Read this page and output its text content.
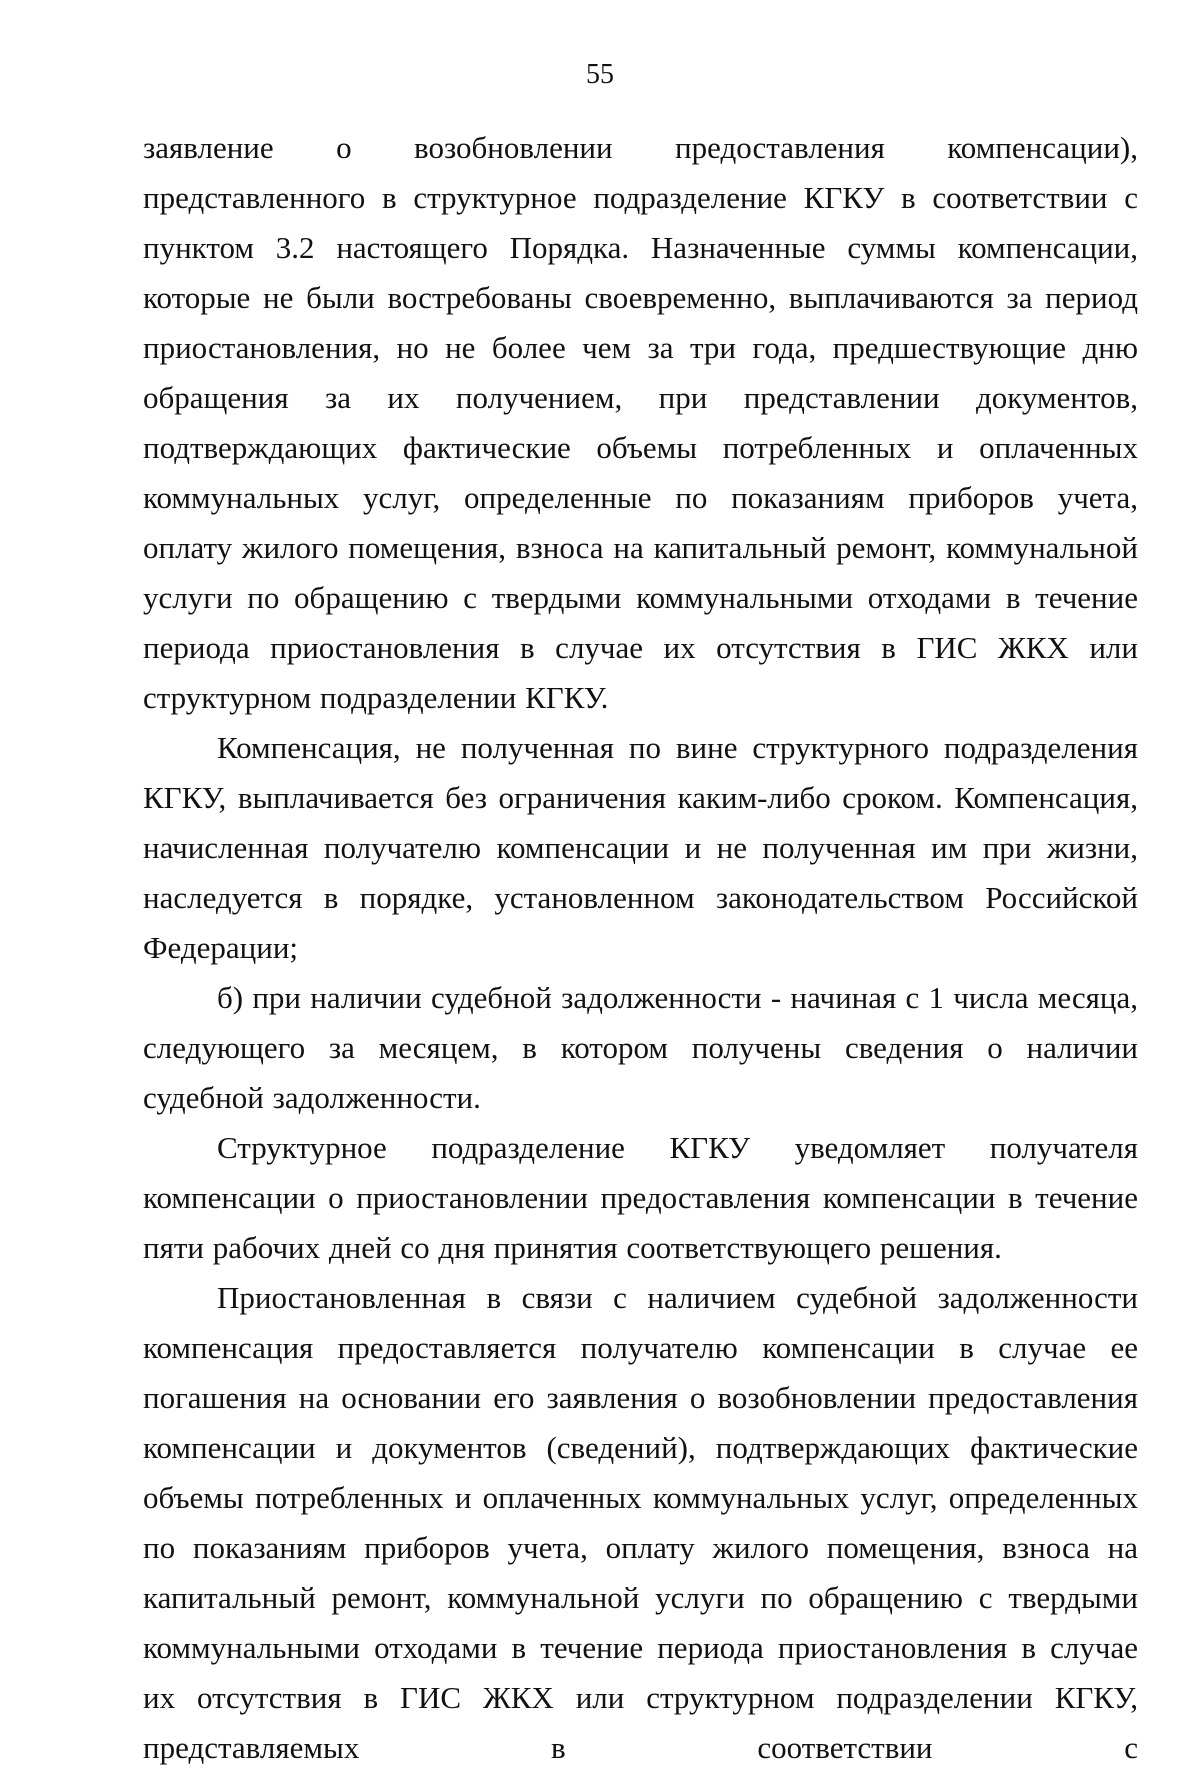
55

заявление о возобновлении предоставления компенсации), представленного в структурное подразделение КГКУ в соответствии с пунктом 3.2 настоящего Порядка. Назначенные суммы компенсации, которые не были востребованы своевременно, выплачиваются за период приостановления, но не более чем за три года, предшествующие дню обращения за их получением, при представлении документов, подтверждающих фактические объемы потребленных и оплаченных коммунальных услуг, определенные по показаниям приборов учета, оплату жилого помещения, взноса на капитальный ремонт, коммунальной услуги по обращению с твердыми коммунальными отходами в течение периода приостановления в случае их отсутствия в ГИС ЖКХ или структурном подразделении КГКУ.

Компенсация, не полученная по вине структурного подразделения КГКУ, выплачивается без ограничения каким-либо сроком. Компенсация, начисленная получателю компенсации и не полученная им при жизни, наследуется в порядке, установленном законодательством Российской Федерации;

б) при наличии судебной задолженности - начиная с 1 числа месяца, следующего за месяцем, в котором получены сведения о наличии судебной задолженности.

Структурное подразделение КГКУ уведомляет получателя компенсации о приостановлении предоставления компенсации в течение пяти рабочих дней со дня принятия соответствующего решения.

Приостановленная в связи с наличием судебной задолженности компенсация предоставляется получателю компенсации в случае ее погашения на основании его заявления о возобновлении предоставления компенсации и документов (сведений), подтверждающих фактические объемы потребленных и оплаченных коммунальных услуг, определенных по показаниям приборов учета, оплату жилого помещения, взноса на капитальный ремонт, коммунальной услуги по обращению с твердыми коммунальными отходами в течение периода приостановления в случае их отсутствия в ГИС ЖКХ или структурном подразделении КГКУ, представляемых в соответствии с
